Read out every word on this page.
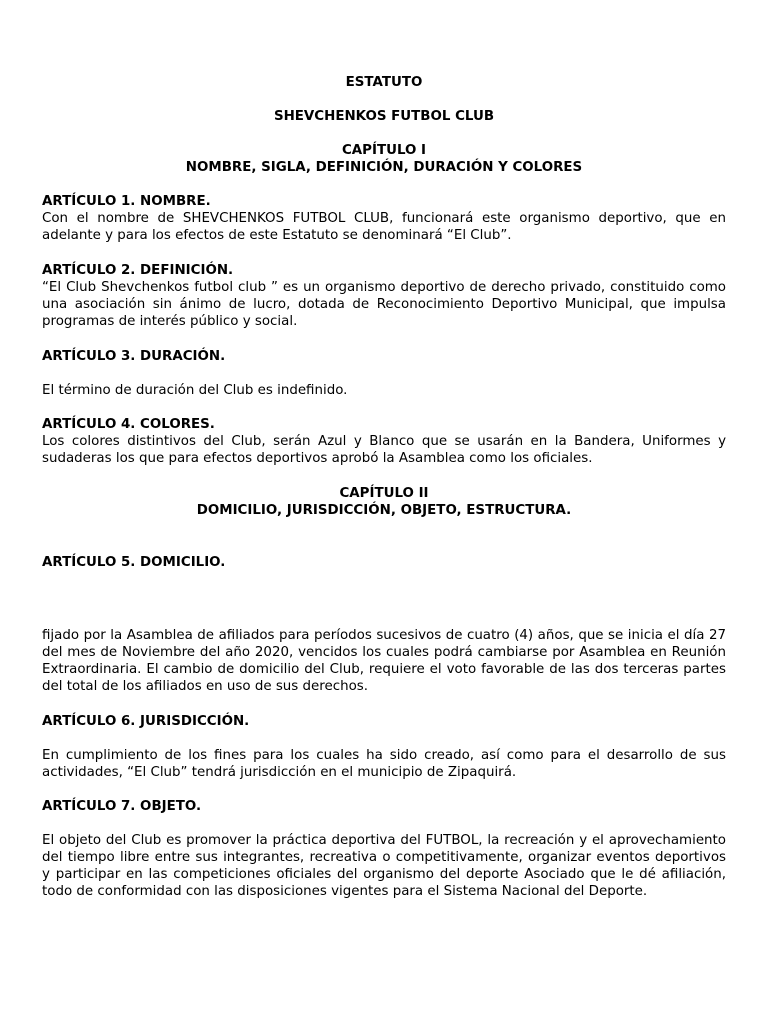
ESTATUTO
SHEVCHENKOS FUTBOL CLUB
CAPÍTULO I
NOMBRE, SIGLA, DEFINICIÓN, DURACIÓN Y COLORES
ARTÍCULO 1. NOMBRE.
Con el nombre de SHEVCHENKOS FUTBOL CLUB, funcionará este organismo deportivo, que en adelante y para los efectos de este Estatuto se denominará “El Club”.
ARTÍCULO 2. DEFINICIÓN.
“El Club Shevchenkos futbol club ” es un organismo deportivo de derecho privado, constituido como una asociación sin ánimo de lucro, dotada de Reconocimiento Deportivo Municipal, que impulsa programas de interés público y social.
ARTÍCULO 3. DURACIÓN.
El término de duración del Club es indefinido.
ARTÍCULO 4. COLORES.
Los colores distintivos del Club, serán Azul y Blanco que se usarán en la Bandera, Uniformes y sudaderas los que para efectos deportivos aprobó la Asamblea como los oficiales.
CAPÍTULO II
DOMICILIO, JURISDICCIÓN, OBJETO, ESTRUCTURA.
ARTÍCULO 5. DOMICILIO.
fijado por la Asamblea de afiliados para períodos sucesivos de cuatro (4) años, que se inicia el día 27 del mes de Noviembre del año 2020, vencidos los cuales podrá cambiarse por Asamblea en Reunión Extraordinaria. El cambio de domicilio del Club, requiere el voto favorable de las dos terceras partes del total de los afiliados en uso de sus derechos.
ARTÍCULO 6. JURISDICCIÓN.
En cumplimiento de los fines para los cuales ha sido creado, así como para el desarrollo de sus actividades, “El Club” tendrá jurisdicción en el municipio de Zipaquirá.
ARTÍCULO 7. OBJETO.
El objeto del Club es promover la práctica deportiva del FUTBOL, la recreación y el aprovechamiento del tiempo libre entre sus integrantes, recreativa o competitivamente, organizar eventos deportivos y participar en las competiciones oficiales del organismo del deporte Asociado que le dé afiliación, todo de conformidad con las disposiciones vigentes para el Sistema Nacional del Deporte.
